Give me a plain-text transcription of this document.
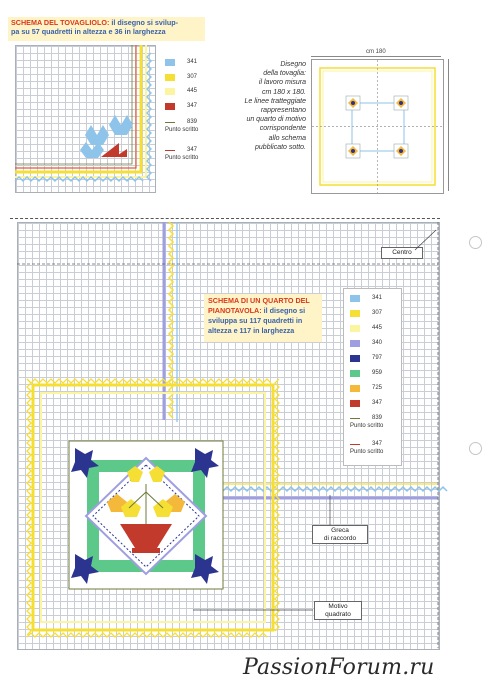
SCHEMA DEL TOVAGLIOLO: il disegno si svilup-
pa su 57 quadretti in altezza e 36 in larghezza
341
307
445
347
839
Punto scritto
347
Punto scritto
Disegno
della tovaglia:
il lavoro misura
cm 180 x 180.
Le linee tratteggiate
rappresentano
un quarto di motivo
corrispondente
allo schema
pubblicato sotto.
cm 180
SCHEMA DI UN QUARTO DEL
PIANOTAVOLA: il disegno si
sviluppa su 117 quadretti in
altezza e 117 in larghezza
341
307
445
340
797
959
725
347
839
Punto scritto
347
Punto scritto
Centro
Greca
di raccordo
Motivo
quadrato
PassionForum.ru
